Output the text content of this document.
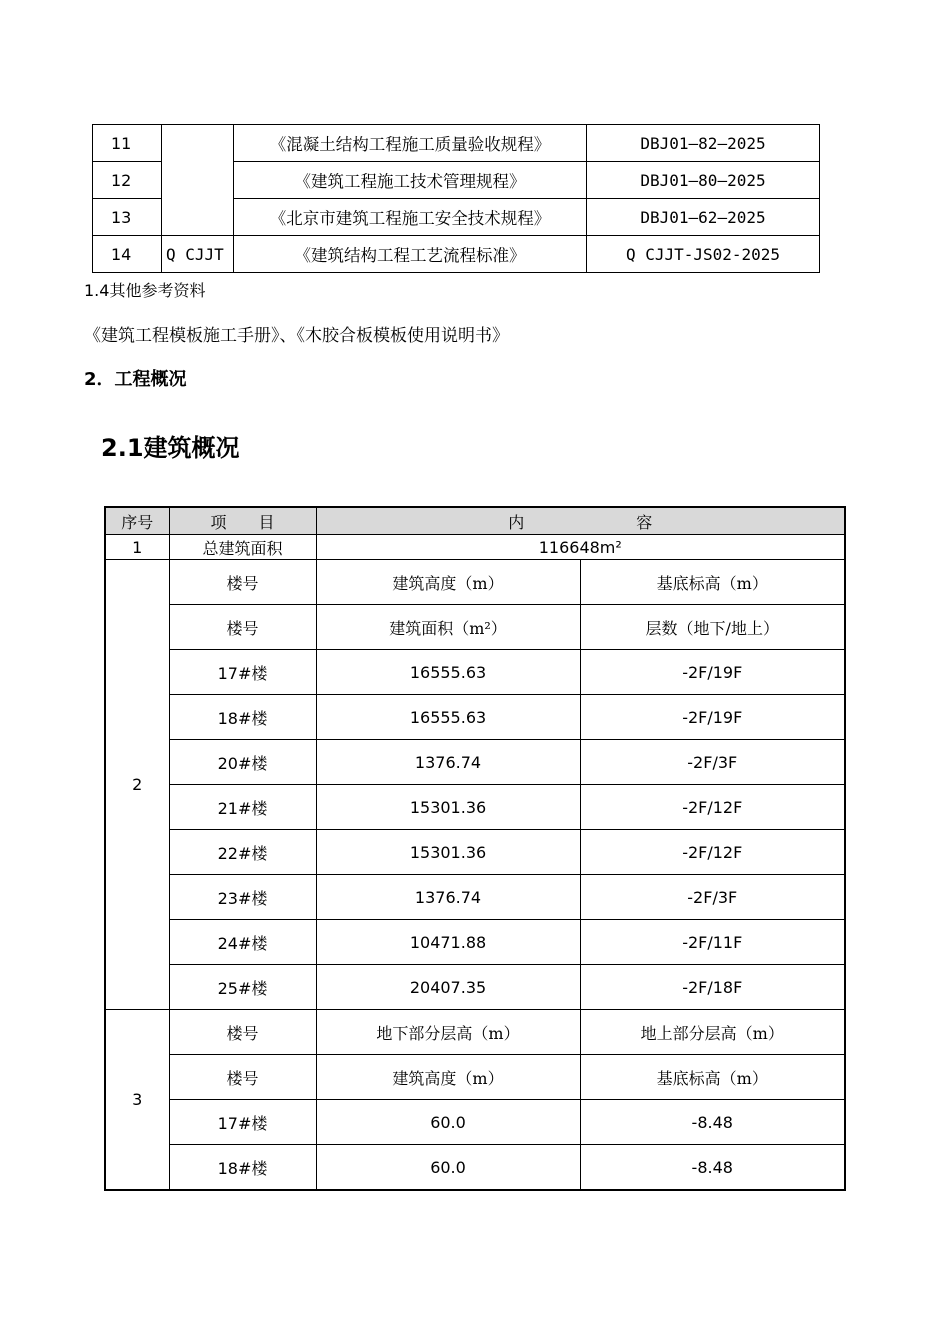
11		《混凝土结构工程施工质量验收规程》	DBJ01—82—2025
12		《建筑工程施工技术管理规程》	DBJ01—80—2025
13		《北京市建筑工程施工安全技术规程》	DBJ01—62—2025
14	Q CJJT	《建筑结构工程工艺流程标准》	Q CJJT-JS02-2025
1.4其他参考资料
《建筑工程模板施工手册》、《木胶合板模板使用说明书》
2．工程概况
2.1建筑概况
序号	项　　目	内　　　　　　　容	
1	总建筑面积	116648m²	
2	楼号	建筑高度（m）	基底标高（m）
	楼号	建筑面积（m²）	层数（地下/地上）
	17#楼	16555.63	-2F/19F
	18#楼	16555.63	-2F/19F
	20#楼	1376.74	-2F/3F
	21#楼	15301.36	-2F/12F
	22#楼	15301.36	-2F/12F
	23#楼	1376.74	-2F/3F
	24#楼	10471.88	-2F/11F
	25#楼	20407.35	-2F/18F
3	楼号	地下部分层高（m）	地上部分层高（m）
	楼号	建筑高度（m）	基底标高（m）
	17#楼	60.0	-8.48
	18#楼	60.0	-8.48
